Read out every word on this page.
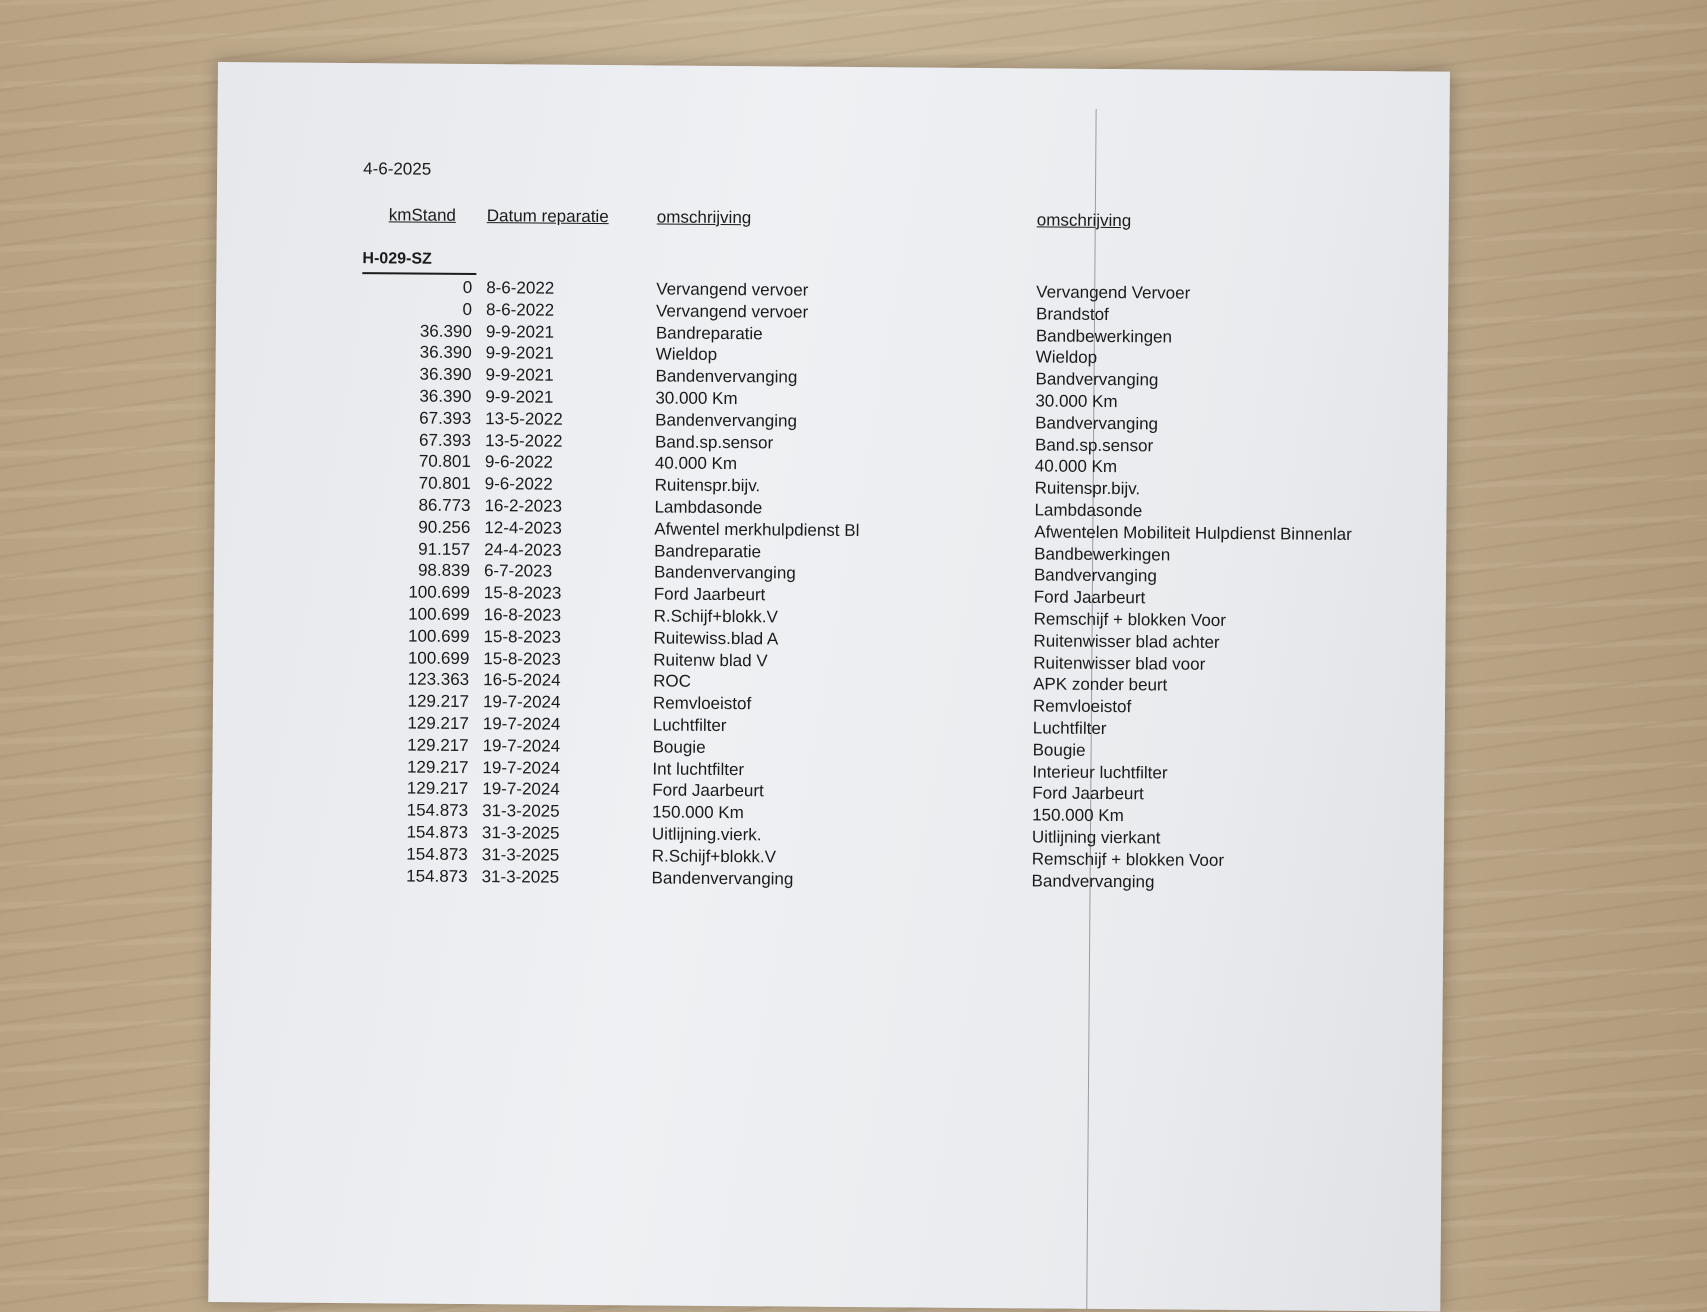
4-6-2025
kmStand Datum reparatie	omschrijving	omschrijving
H-029-SZ
0 8-6-2022	Vervangend vervoer	Vervangend Vervoer
0 8-6-2022	Vervangend vervoer	Brandstof
36.390 9-9-2021	Bandreparatie	Bandbewerkingen
36.390 9-9-2021	Wieldop	Wieldop
36.390 9-9-2021	Bandenvervanging	Bandvervanging
36.390 9-9-2021	30.000 Km	30.000 Km
67.393 13-5-2022	Bandenvervanging	Bandvervanging
67.393 13-5-2022	Band.sp.sensor	Band.sp.sensor
70.801 9-6-2022	40.000 Km	40.000 Km
70.801 9-6-2022	Ruitenspr.bijv.	Ruitenspr.bijv.
86.773 16-2-2023	Lambdasonde	Lambdasonde
90.256 12-4-2023	Afwentel merkhulpdienst Bl	Afwentelen Mobiliteit Hulpdienst Binnenlar
91.157 24-4-2023	Bandreparatie	Bandbewerkingen
98.839 6-7-2023	Bandenvervanging	Bandvervanging
100.699 15-8-2023	Ford Jaarbeurt	Ford Jaarbeurt
100.699 16-8-2023	R.Schijf+blokk.V	Remschijf + blokken Voor
100.699 15-8-2023	Ruitewiss.blad A	Ruitenwisser blad achter
100.699 15-8-2023	Ruitenw blad V	Ruitenwisser blad voor
123.363 16-5-2024	ROC	APK zonder beurt
129.217 19-7-2024	Remvloeistof	Remvloeistof
129.217 19-7-2024	Luchtfilter	Luchtfilter
129.217 19-7-2024	Bougie	Bougie
129.217 19-7-2024	Int luchtfilter	Interieur luchtfilter
129.217 19-7-2024	Ford Jaarbeurt	Ford Jaarbeurt
154.873 31-3-2025	150.000 Km	150.000 Km
154.873 31-3-2025	Uitlijning.vierk.	Uitlijning vierkant
154.873 31-3-2025	R.Schijf+blokk.V	Remschijf + blokken Voor
154.873 31-3-2025	Bandenvervanging	Bandvervanging
